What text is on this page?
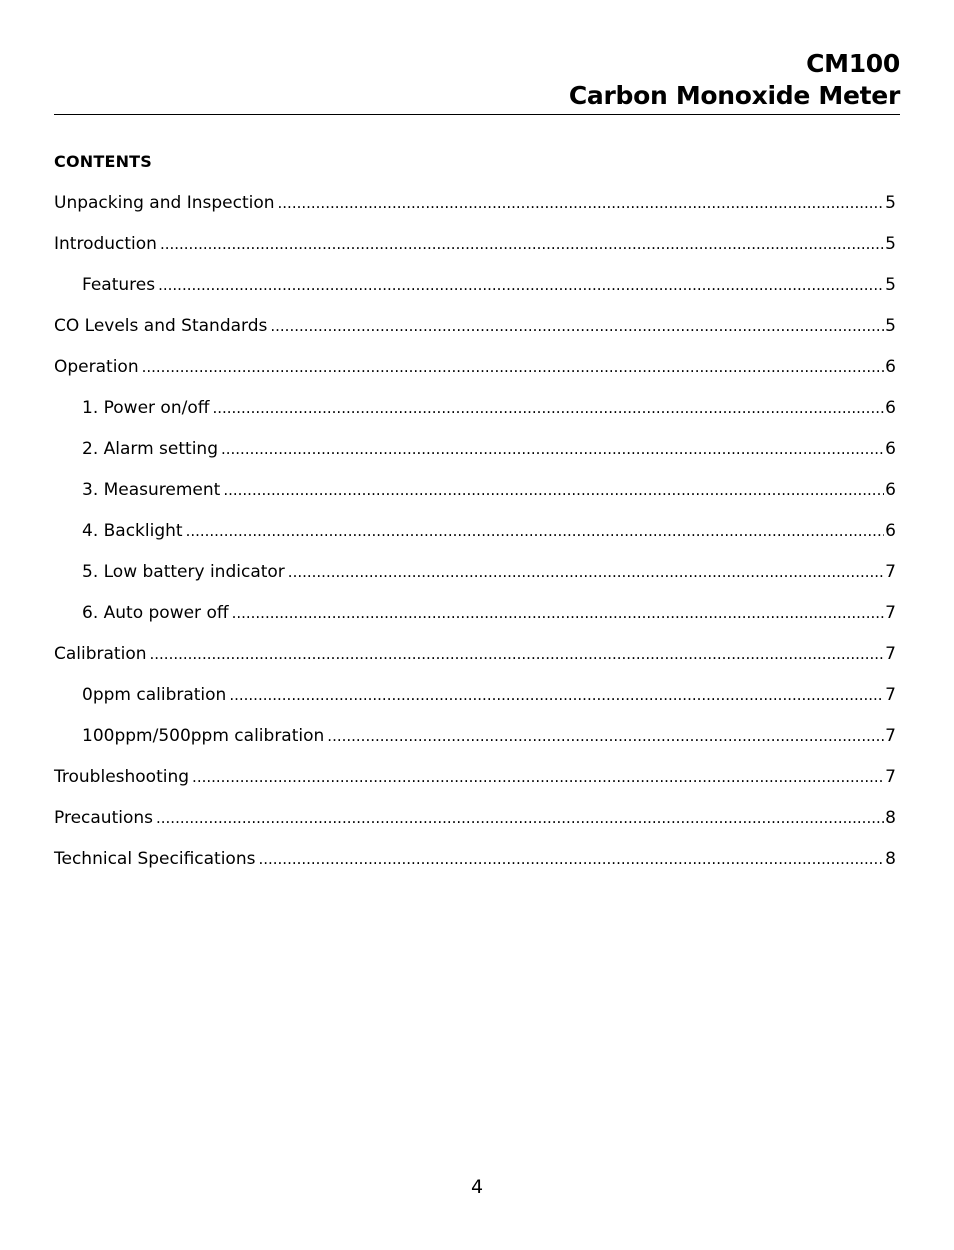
CM100
Carbon Monoxide Meter
CONTENTS
Unpacking and Inspection .....	5
Introduction .....	5
Features .....	5
CO Levels and Standards .....	5
Operation .....	6
1. Power on/off .....	6
2. Alarm setting .....	6
3. Measurement .....	6
4. Backlight .....	6
5. Low battery indicator .....	7
6. Auto power off .....	7
Calibration .....	7
0ppm calibration .....	7
100ppm/500ppm calibration .....	7
Troubleshooting .....	7
Precautions .....	8
Technical Specifications .....	8
4
